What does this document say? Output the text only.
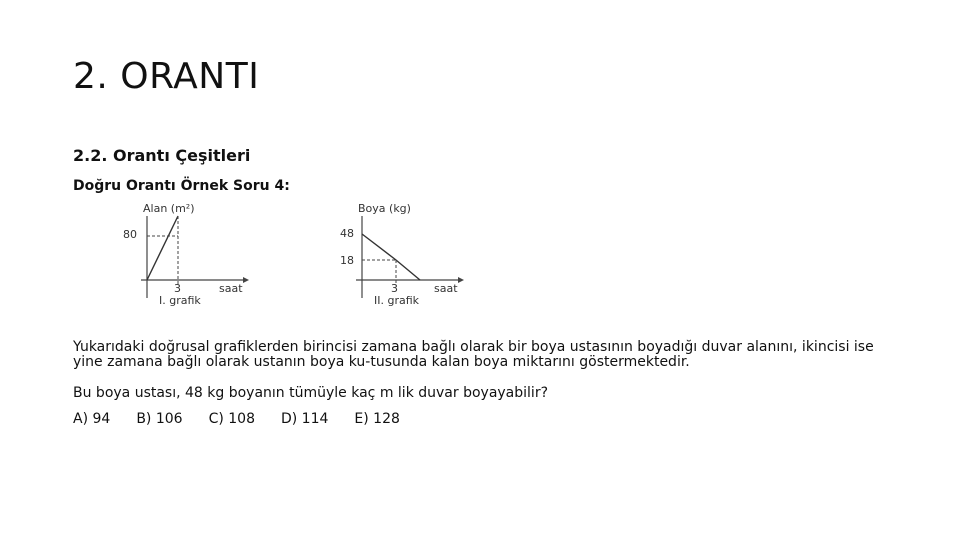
2. ORANTI
2.2. Orantı Çeşitleri
Doğru Orantı Örnek Soru 4:
Alan (m²)
80
3	saat
I. grafik
Boya (kg)
48
18
3	saat
II. grafik
Yukarıdaki doğrusal grafiklerden birincisi zamana bağlı olarak bir boya ustasının boyadığı duvar alanını, ikincisi ise yine zamana bağlı olarak ustanın boya ku-tusunda kalan boya miktarını göstermektedir.
Bu boya ustası, 48 kg boyanın tümüyle kaç m lik duvar boyayabilir?
A) 94 B) 106 C) 108 D) 114 E) 128
